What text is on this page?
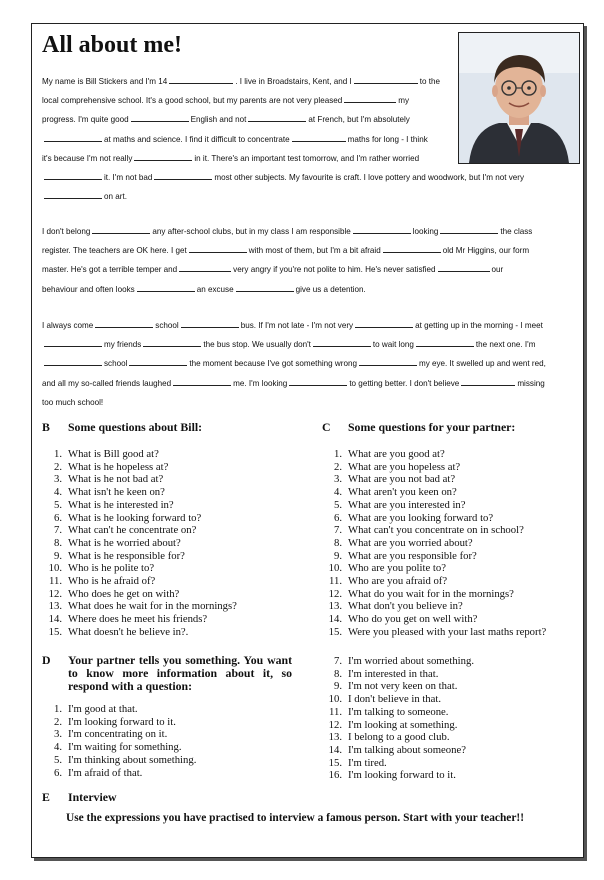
All about me!
My name is Bill Stickers and I'm 14	. I live in Broadstairs, Kent, and I	to the
local comprehensive school. It's a good school, but my parents are not very pleased	my
progress. I'm quite good	English and not	at French, but I'm absolutely
at maths and science. I find it difficult to concentrate	maths for long - I think
it's because I'm not really	in it. There's an important test tomorrow, and I'm rather worried
it. I'm not bad	most other subjects. My favourite is craft. I love pottery and woodwork, but I'm not very
on art.
I don't belong	any after-school clubs, but in my class I am responsible	looking	the class
register. The teachers are OK here. I get	with most of them, but I'm a bit afraid	old Mr Higgins, our form
master. He's got a terrible temper and	very angry if you're not polite to him. He's never satisfied	our
behaviour and often looks	an excuse	give us a detention.
I always come	school	bus. If I'm not late - I'm not very	at getting up in the morning - I meet
my friends	the bus stop. We usually don't	to wait long	the next one. I'm
school	the moment because I've got something wrong	my eye. It swelled up and went red,
and all my so-called friends laughed	me. I'm looking	to getting better. I don't believe	missing
too much school!
B Some questions about Bill:	C Some questions for your partner:
1. What is Bill good at?
2. What is he hopeless at?
3. What is he not bad at?
4. What isn't he keen on?
5. What is he interested in?
6. What is he looking forward to?
7. What can't he concentrate on?
8. What is he worried about?
9. What is he responsible for?
10. Who is he polite to?
11. Who is he afraid of?
12. Who does he get on with?
13. What does he wait for in the mornings?
14. Where does he meet his friends?
15. What doesn't he believe in?.
1. What are you good at?
2. What are you hopeless at?
3. What are you not bad at?
4. What aren't you keen on?
5. What are you interested in?
6. What are you looking forward to?
7. What can't you concentrate on in school?
8. What are you worried about?
9. What are you responsible for?
10. Who are you polite to?
11. Who are you afraid of?
12. What do you wait for in the mornings?
13. What don't you believe in?
14. Who do you get on well with?
15. Were you pleased with your last maths report?
D Your partner tells you something. You want to know more information about it, so respond with a question:
1. I'm good at that.
2. I'm looking forward to it.
3. I'm concentrating on it.
4. I'm waiting for something.
5. I'm thinking about something.
6. I'm afraid of that.
7. I'm worried about something.
8. I'm interested in that.
9. I'm not very keen on that.
10. I don't believe in that.
11. I'm talking to someone.
12. I'm looking at something.
13. I belong to a good club.
14. I'm talking about someone?
15. I'm tired.
16. I'm looking forward to it.
E Interview
Use the expressions you have practised to interview a famous person. Start with your teacher!!
